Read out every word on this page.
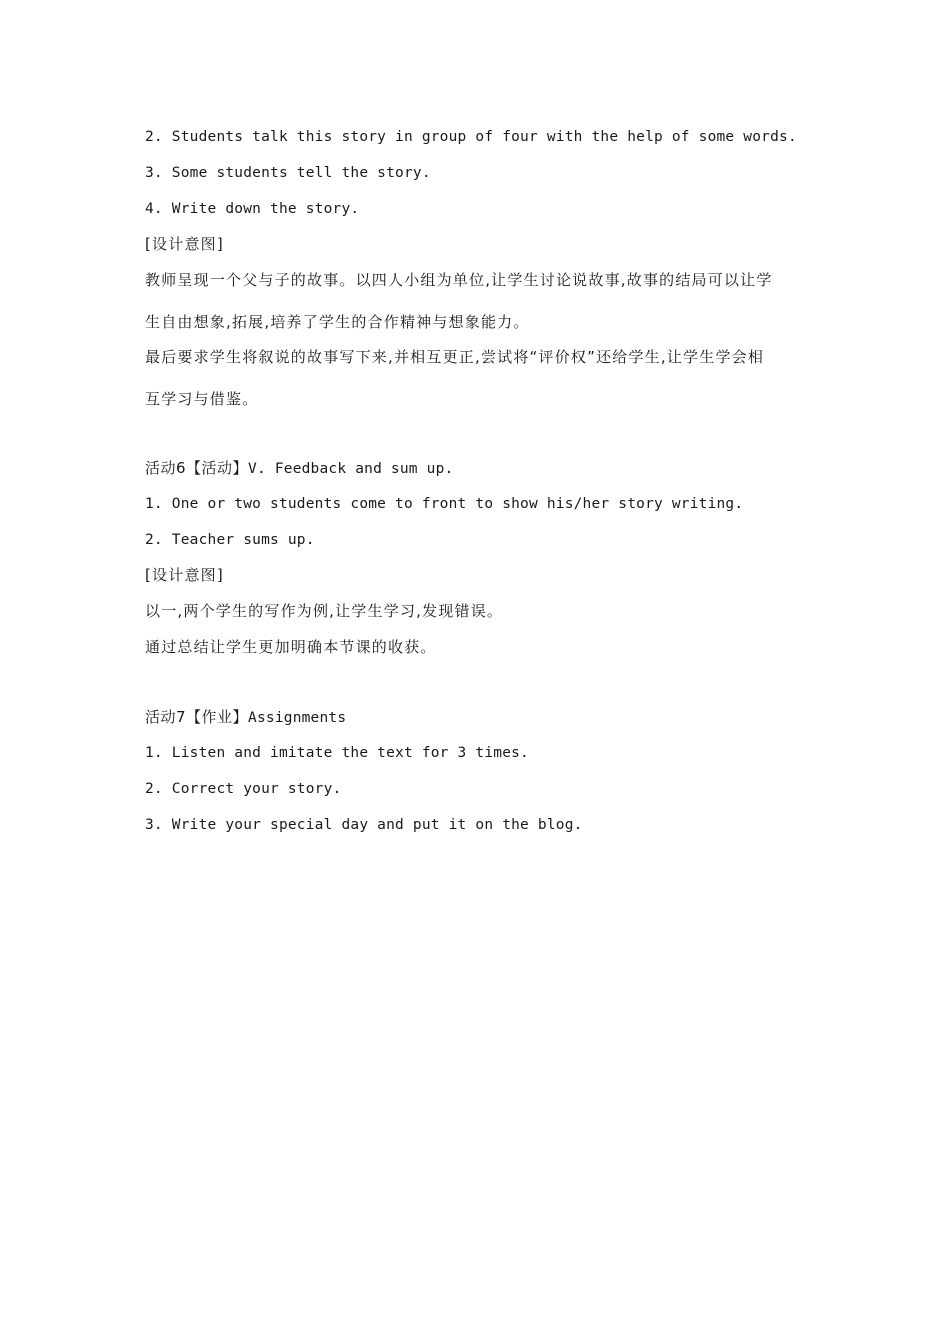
2. Students talk this story in group of four with the help of some words.
3. Some students tell the story.
4. Write down the story.
[设计意图]
教师呈现一个父与子的故事。以四人小组为单位,让学生讨论说故事,故事的结局可以让学
生自由想象,拓展,培养了学生的合作精神与想象能力。
最后要求学生将叙说的故事写下来,并相互更正,尝试将“评价权”还给学生,让学生学会相
互学习与借鉴。
活动6【活动】V. Feedback and sum up.
1. One or two students come to front to show his/her story writing.
2. Teacher sums up.
[设计意图]
以一,两个学生的写作为例,让学生学习,发现错误。
通过总结让学生更加明确本节课的收获。
活动7【作业】Assignments
1. Listen and imitate the text for 3 times.
2. Correct your story.
3. Write your special day and put it on the blog.
